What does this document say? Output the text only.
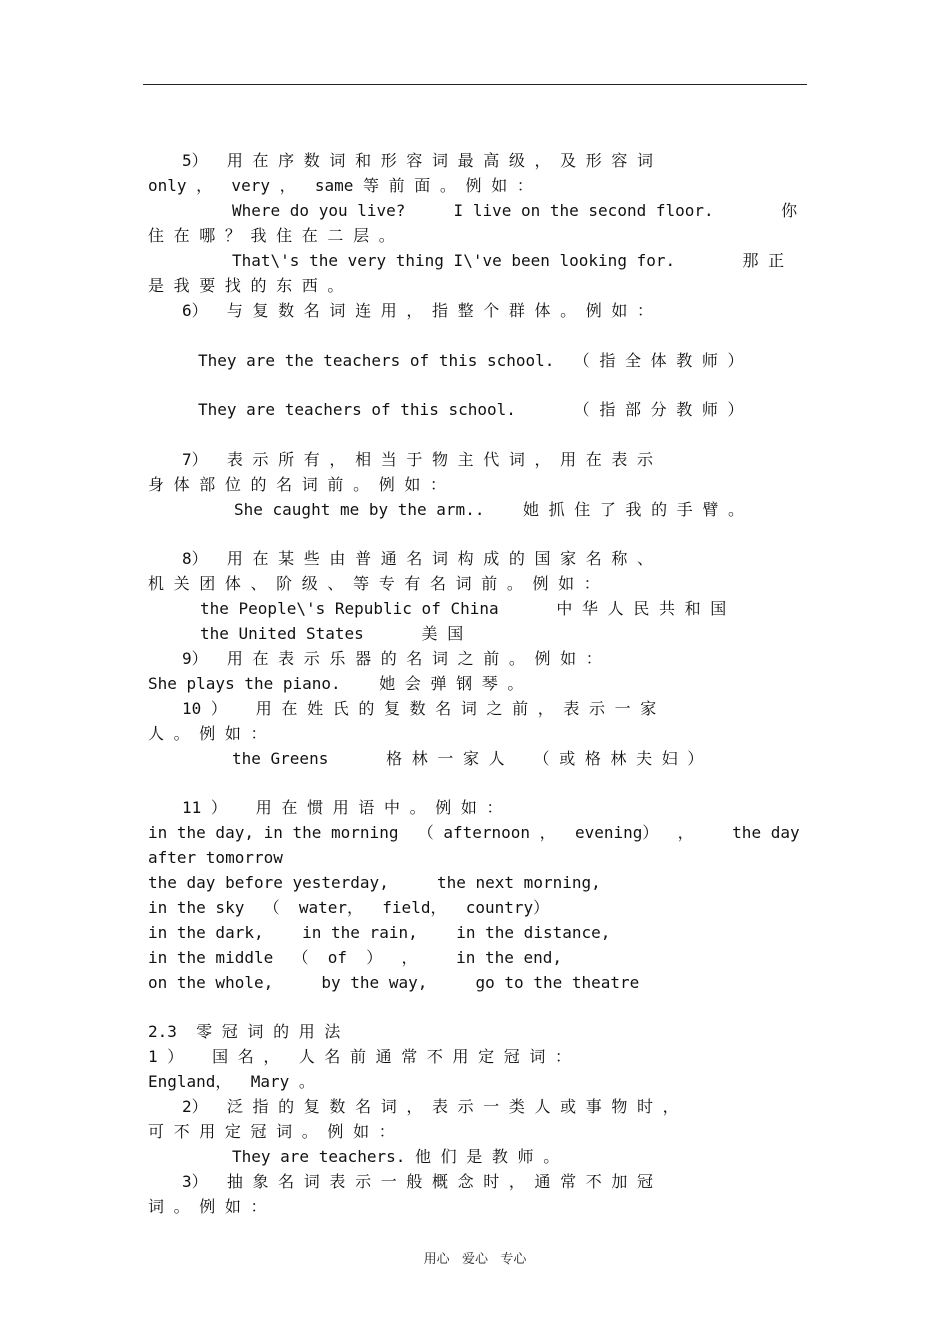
5）  用 在 序 数 词 和 形 容 词 最 高 级 ， 及 形 容 词
only ，  very ，  same 等 前 面 。 例 如 ：
Where do you live?     I live on the second floor.       你
住 在 哪 ？ 我 住 在 二 层 。
That\'s the very thing I\'ve been looking for.       那 正
是 我 要 找 的 东 西 。
6）  与 复 数 名 词 连 用 ， 指 整 个 群 体 。 例 如 ：
They are the teachers of this school.  （ 指 全 体 教 师 ）
They are teachers of this school.      （ 指 部 分 教 师 ）
7）  表 示 所 有 ， 相 当 于 物 主 代 词 ， 用 在 表 示
身 体 部 位 的 名 词 前 。 例 如 ：
She caught me by the arm..    她 抓 住 了 我 的 手 臂 。
8）  用 在 某 些 由 普 通 名 词 构 成 的 国 家 名 称 、
机 关 团 体 、 阶 级 、 等 专 有 名 词 前 。 例 如 ：
the People\'s Republic of China      中 华 人 民 共 和 国
the United States      美 国
9）  用 在 表 示 乐 器 的 名 词 之 前 。 例 如 ：
She plays the piano.    她 会 弹 钢 琴 。
10 ）   用 在 姓 氏 的 复 数 名 词 之 前 ， 表 示 一 家
人 。 例 如 ：
the Greens      格 林 一 家 人   （ 或 格 林 夫 妇 ）
11 ）   用 在 惯 用 语 中 。 例 如 ：
in the day, in the morning  （ afternoon ，  evening）  ，    the day
after tomorrow
the day before yesterday,     the next morning,
in the sky  （  water，  field，  country）
in the dark,    in the rain,    in the distance,
in the middle  （  of  ）  ，    in the end,
on the whole,     by the way,     go to the theatre
2.3  零 冠 词 的 用 法
1 ）   国 名 ，  人 名 前 通 常 不 用 定 冠 词 ：
England，  Mary 。
2）  泛 指 的 复 数 名 词 ， 表 示 一 类 人 或 事 物 时 ，
可 不 用 定 冠 词 。 例 如 ：
They are teachers. 他 们 是 教 师 。
3）  抽 象 名 词 表 示 一 般 概 念 时 ， 通 常 不 加 冠
词 。 例 如 ：
用心   爱心   专心
